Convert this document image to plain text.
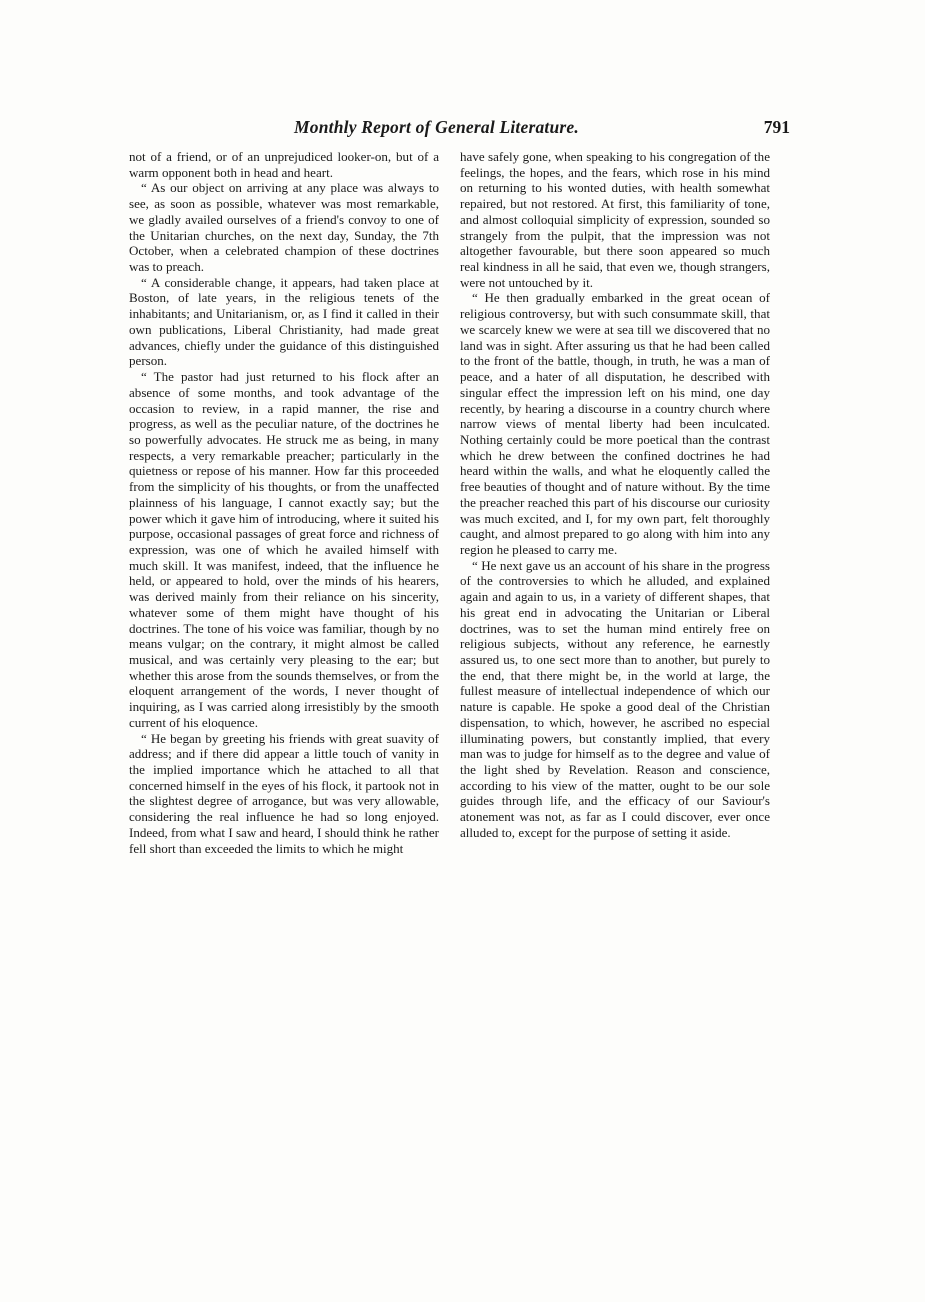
Monthly Report of General Literature.	791

not of a friend, or of an unprejudiced looker-on, but of a warm opponent both in head and heart.

“ As our object on arriving at any place was always to see, as soon as possible, whatever was most remarkable, we gladly availed ourselves of a friend's convoy to one of the Unitarian churches, on the next day, Sunday, the 7th October, when a celebrated champion of these doctrines was to preach.

“ A considerable change, it appears, had taken place at Boston, of late years, in the religious tenets of the inhabitants; and Unitarianism, or, as I find it called in their own publications, Liberal Christianity, had made great advances, chiefly under the guidance of this distinguished person.

“ The pastor had just returned to his flock after an absence of some months, and took advantage of the occasion to review, in a rapid manner, the rise and progress, as well as the peculiar nature, of the doctrines he so powerfully advocates. He struck me as being, in many respects, a very remarkable preacher; particularly in the quietness or repose of his manner. How far this proceeded from the simplicity of his thoughts, or from the unaffected plainness of his language, I cannot exactly say; but the power which it gave him of introducing, where it suited his purpose, occasional passages of great force and richness of expression, was one of which he availed himself with much skill. It was manifest, indeed, that the influence he held, or appeared to hold, over the minds of his hearers, was derived mainly from their reliance on his sincerity, whatever some of them might have thought of his doctrines. The tone of his voice was familiar, though by no means vulgar; on the contrary, it might almost be called musical, and was certainly very pleasing to the ear; but whether this arose from the sounds themselves, or from the eloquent arrangement of the words, I never thought of inquiring, as I was carried along irresistibly by the smooth current of his eloquence.

“ He began by greeting his friends with great suavity of address; and if there did appear a little touch of vanity in the implied importance which he attached to all that concerned himself in the eyes of his flock, it partook not in the slightest degree of arrogance, but was very allowable, considering the real influence he had so long enjoyed. Indeed, from what I saw and heard, I should think he rather fell short than exceeded the limits to which he might

have safely gone, when speaking to his congregation of the feelings, the hopes, and the fears, which rose in his mind on returning to his wonted duties, with health somewhat repaired, but not restored. At first, this familiarity of tone, and almost colloquial simplicity of expression, sounded so strangely from the pulpit, that the impression was not altogether favourable, but there soon appeared so much real kindness in all he said, that even we, though strangers, were not untouched by it.

“ He then gradually embarked in the great ocean of religious controversy, but with such consummate skill, that we scarcely knew we were at sea till we discovered that no land was in sight. After assuring us that he had been called to the front of the battle, though, in truth, he was a man of peace, and a hater of all disputation, he described with singular effect the impression left on his mind, one day recently, by hearing a discourse in a country church where narrow views of mental liberty had been inculcated. Nothing certainly could be more poetical than the contrast which he drew between the confined doctrines he had heard within the walls, and what he eloquently called the free beauties of thought and of nature without. By the time the preacher reached this part of his discourse our curiosity was much excited, and I, for my own part, felt thoroughly caught, and almost prepared to go along with him into any region he pleased to carry me.

“ He next gave us an account of his share in the progress of the controversies to which he alluded, and explained again and again to us, in a variety of different shapes, that his great end in advocating the Unitarian or Liberal doctrines, was to set the human mind entirely free on religious subjects, without any reference, he earnestly assured us, to one sect more than to another, but purely to the end, that there might be, in the world at large, the fullest measure of intellectual independence of which our nature is capable. He spoke a good deal of the Christian dispensation, to which, however, he ascribed no especial illuminating powers, but constantly implied, that every man was to judge for himself as to the degree and value of the light shed by Revelation. Reason and conscience, according to his view of the matter, ought to be our sole guides through life, and the efficacy of our Saviour's atonement was not, as far as I could discover, ever once alluded to, except for the purpose of setting it aside.
